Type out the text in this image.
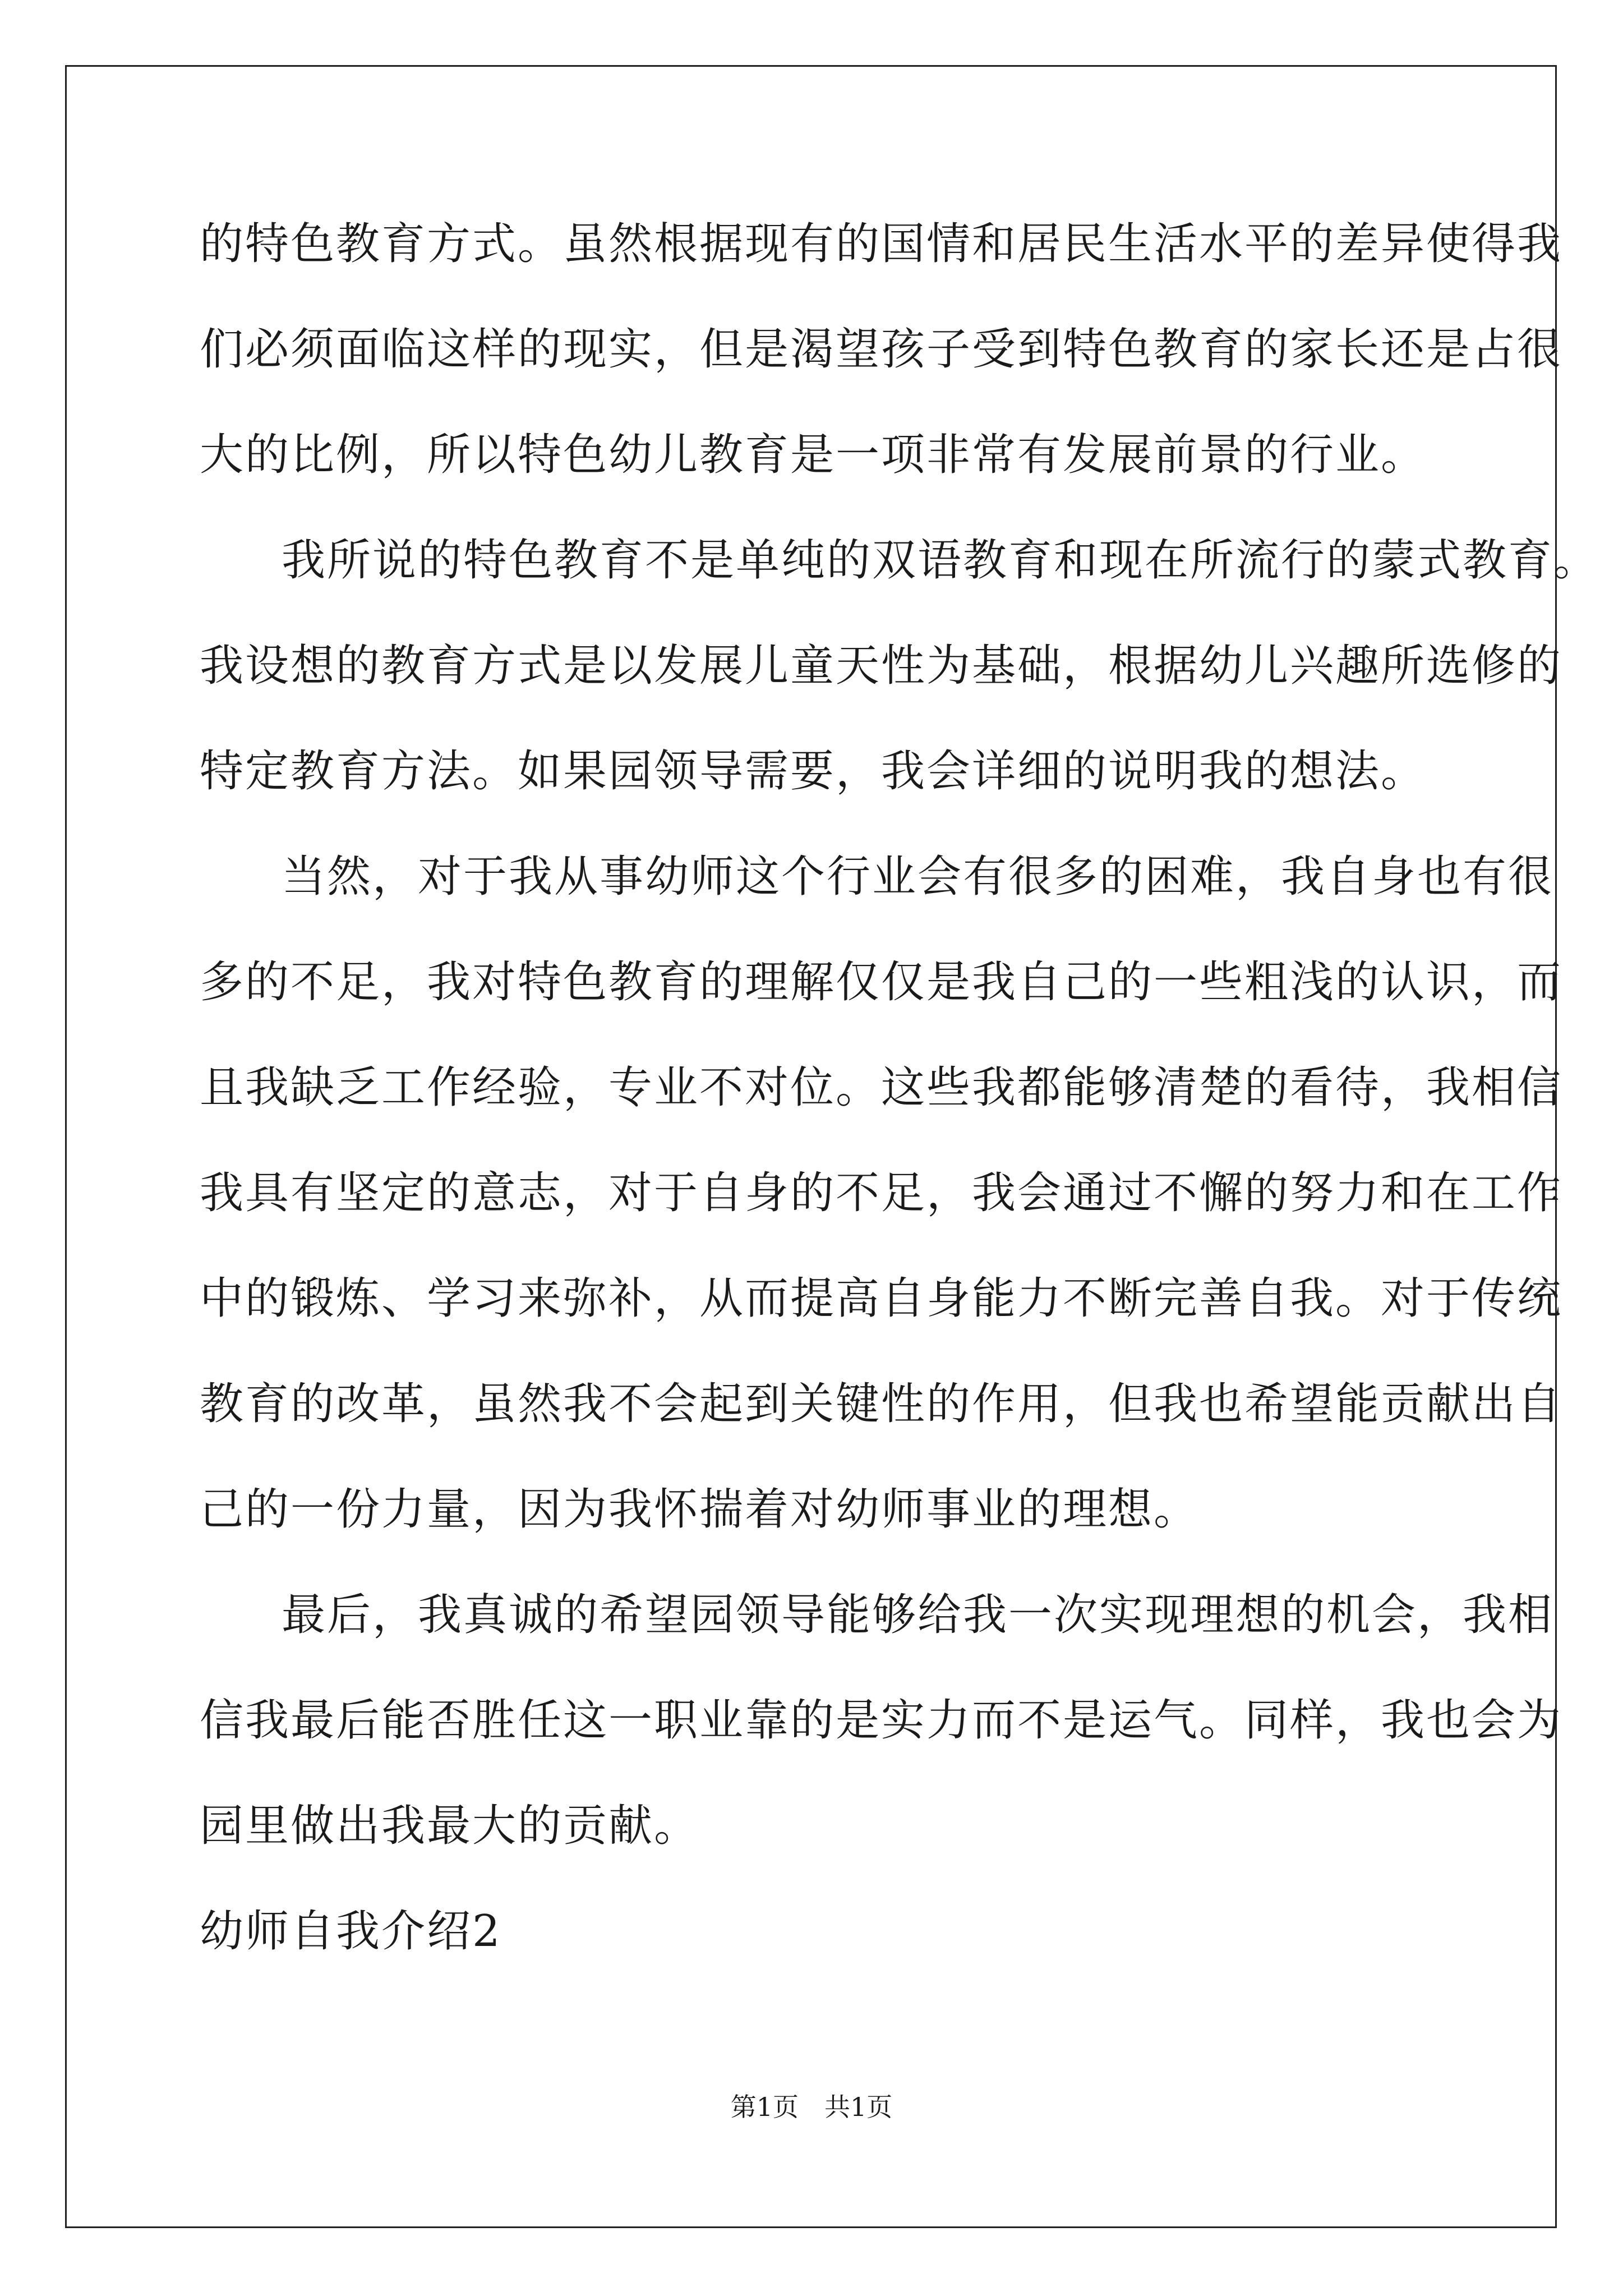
的特色教育方式。虽然根据现有的国情和居民生活水平的差异使得我
们必须面临这样的现实，但是渴望孩子受到特色教育的家长还是占很
大的比例，所以特色幼儿教育是一项非常有发展前景的行业。
我所说的特色教育不是单纯的双语教育和现在所流行的蒙式教育。
我设想的教育方式是以发展儿童天性为基础，根据幼儿兴趣所选修的
特定教育方法。如果园领导需要，我会详细的说明我的想法。
当然，对于我从事幼师这个行业会有很多的困难，我自身也有很
多的不足，我对特色教育的理解仅仅是我自己的一些粗浅的认识，而
且我缺乏工作经验，专业不对位。这些我都能够清楚的看待，我相信
我具有坚定的意志，对于自身的不足，我会通过不懈的努力和在工作
中的锻炼、学习来弥补，从而提高自身能力不断完善自我。对于传统
教育的改革，虽然我不会起到关键性的作用，但我也希望能贡献出自
己的一份力量，因为我怀揣着对幼师事业的理想。
最后，我真诚的希望园领导能够给我一次实现理想的机会，我相
信我最后能否胜任这一职业靠的是实力而不是运气。同样，我也会为
园里做出我最大的贡献。
幼师自我介绍2
第1页 共1页
